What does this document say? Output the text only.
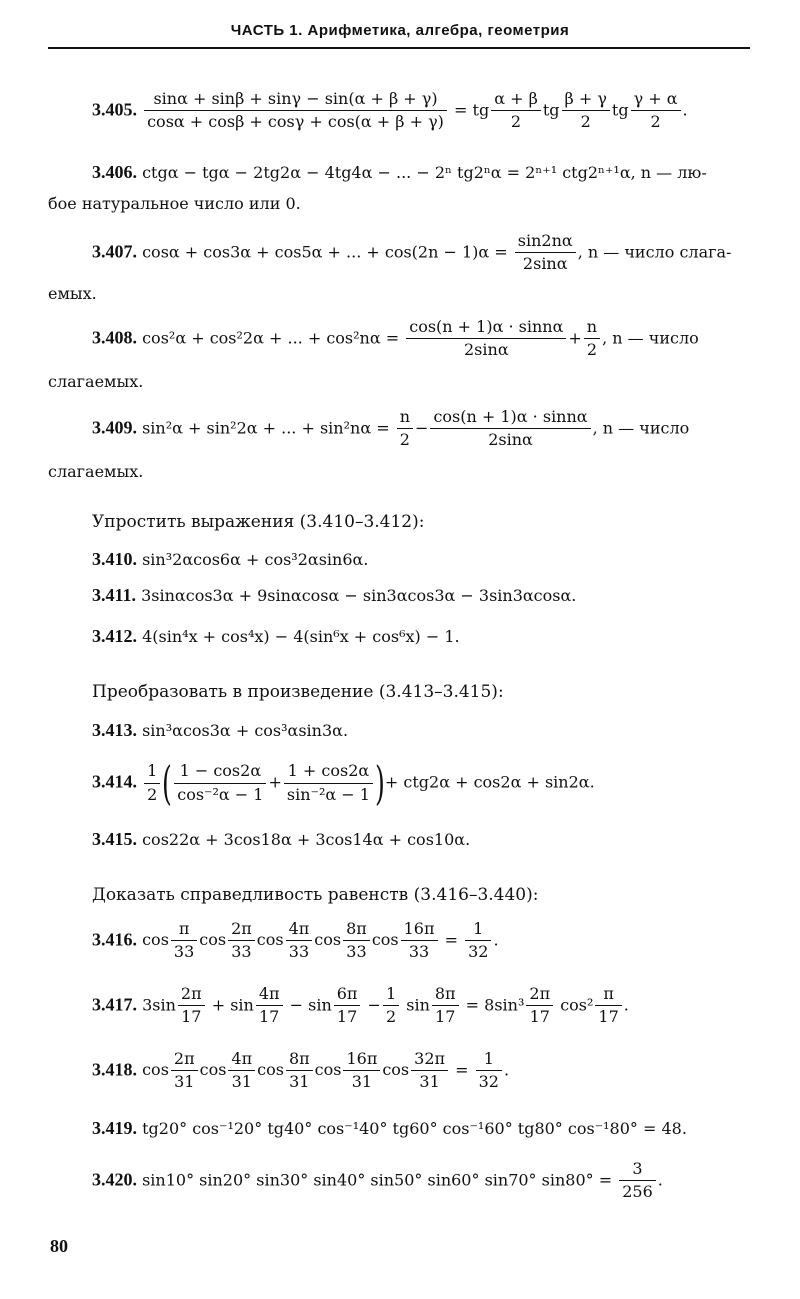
ЧАСТЬ 1. Арифметика, алгебра, геометрия
3.405. $\frac{\sin\alpha + \sin\beta + \sin\gamma - \sin(\alpha + \beta + \gamma)}{\cos\alpha + \cos\beta + \cos\gamma + \cos(\alpha + \beta + \gamma)}$ = tg $\frac{\alpha + \beta}{2}$ tg $\frac{\beta + \gamma}{2}$ tg $\frac{\gamma + \alpha}{2}$ .
3.406. ctgα − tgα − 2tg2α − 4tg4α − ... − 2ⁿ tg2ⁿα = 2ⁿ⁺¹ ctg2ⁿ⁺¹α, n — лю-
бое натуральное число или 0.
3.407. cosα + cos3α + cos5α + ... + $\cos(2n - 1)\alpha = \frac{\sin 2n\alpha}{2\sin\alpha}$ , n — число слага-
емых.
3.408. cos²α + cos²2α + ... + $\cos^2n\alpha = \frac{\cos(n + 1)\alpha \cdot \sin n\alpha}{2\sin\alpha} + \frac{n}{2}$ , n — число
слагаемых.
3.409. sin²α + sin²2α + ... + $\sin^2n\alpha = \frac{n}{2} - \frac{\cos(n + 1)\alpha \cdot \sin n\alpha}{2\sin\alpha}$ , n — число
слагаемых.
Упростить выражения (3.410–3.412):
3.410. sin³2αcos6α + cos³2αsin6α.
3.411. 3sinαcos3α + 9sinαcosα − sin3αcos3α − 3sin3αcosα.
3.412. 4(sin⁴x + cos⁴x) − 4(sin⁶x + cos⁶x) − 1.
Преобразовать в произведение (3.413–3.415):
3.413. sin³αcos3α + cos³αsin3α.
3.414. $\frac{1}{2}$ ( $\frac{1 - \cos 2\alpha}{\text{cos⁻²α − 1}} + \frac{1 + \cos 2\alpha}{\text{sin⁻²α − 1}}$ )+ ctg2α + cos2α + sin2α.
3.415. cos22α + 3cos18α + 3cos14α + cos10α.
Доказать справедливость равенств (3.416–3.440):
3.416. $\cos \frac{\pi}{33}$ $\cos \frac{2\pi}{33}$ $\cos \frac{4\pi}{33}$ $\cos \frac{8\pi}{33}$ $\cos \frac{16\pi}{33} = \frac{1}{32}$ .
3.417. $3\sin \frac{2\pi}{17} + \sin \frac{4\pi}{17} - \sin \frac{6\pi}{17} - \frac{1}{2}$ $\sin \frac{8\pi}{17} = 8\sin^3 \frac{2\pi}{17} \cos^2 \frac{\pi}{17}$ .
3.418. $\cos \frac{2\pi}{31}$ $\cos \frac{4\pi}{31}$ $\cos \frac{8\pi}{31}$ $\cos \frac{16\pi}{31}$ $\cos \frac{32\pi}{31} = \frac{1}{32}$ .
3.419. tg20° cos⁻¹20° tg40° cos⁻¹40° tg60° cos⁻¹60° tg80° cos⁻¹80° = 48.
3.420. sin10° sin20° sin30° sin40° sin50° sin60° sin70° $\sin 80^\circ = \frac{3}{256}$ .
80
